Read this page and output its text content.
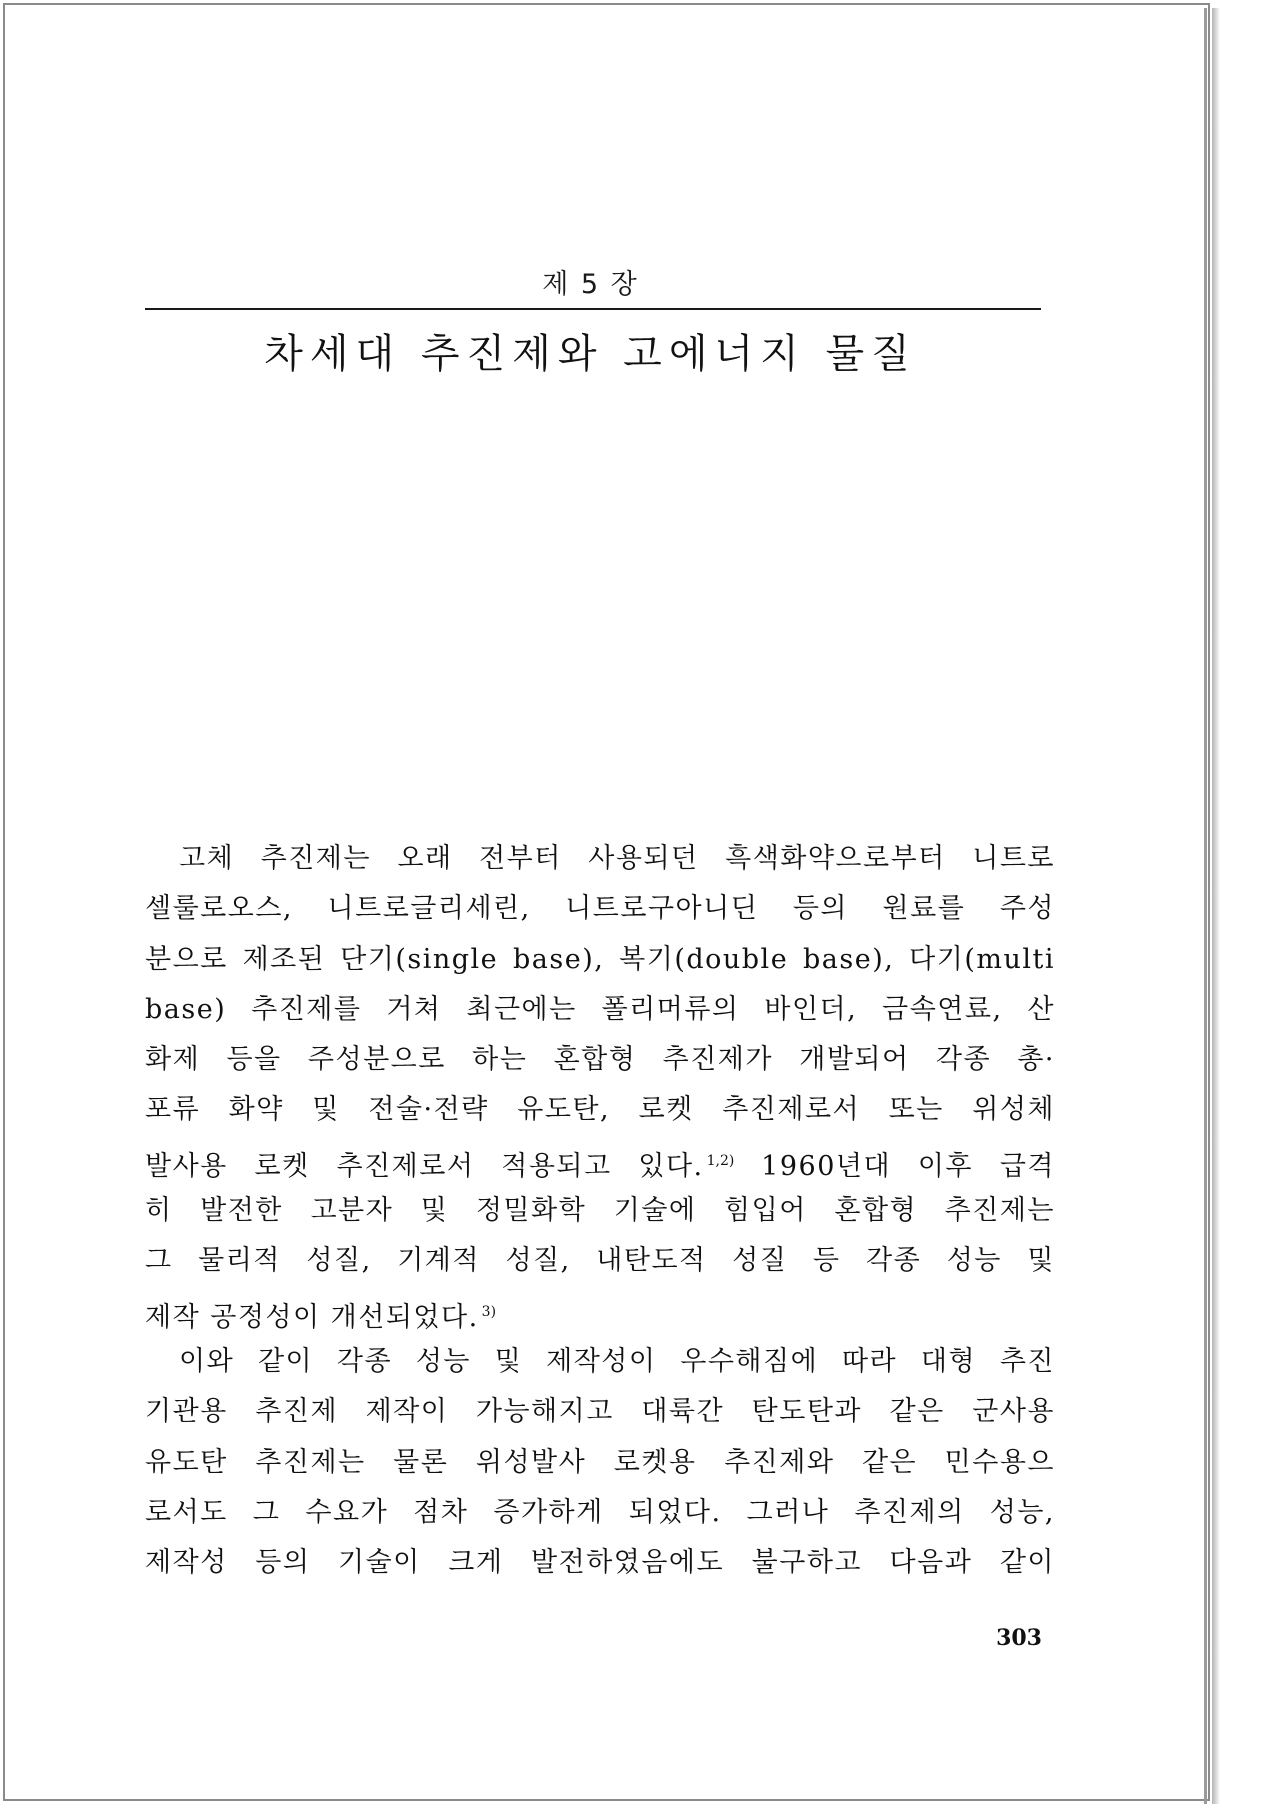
제 5 장
차세대 추진제와 고에너지 물질
고체 추진제는 오래 전부터 사용되던 흑색화약으로부터 니트로
셀룰로오스, 니트로글리세린, 니트로구아니딘 등의 원료를 주성
분으로 제조된 단기(single base), 복기(double base), 다기(multi
base) 추진제를 거쳐 최근에는 폴리머류의 바인더, 금속연료, 산
화제 등을 주성분으로 하는 혼합형 추진제가 개발되어 각종 총·
포류 화약 및 전술·전략 유도탄, 로켓 추진제로서 또는 위성체
발사용 로켓 추진제로서 적용되고 있다. $^{1,2)}$ 1960년대 이후 급격
히 발전한 고분자 및 정밀화학 기술에 힘입어 혼합형 추진제는
그 물리적 성질, 기계적 성질, 내탄도적 성질 등 각종 성능 및
제작 공정성이 개선되었다. $^{3)}$
이와 같이 각종 성능 및 제작성이 우수해짐에 따라 대형 추진
기관용 추진제 제작이 가능해지고 대륙간 탄도탄과 같은 군사용
유도탄 추진제는 물론 위성발사 로켓용 추진제와 같은 민수용으
로서도 그 수요가 점차 증가하게 되었다. 그러나 추진제의 성능,
제작성 등의 기술이 크게 발전하였음에도 불구하고 다음과 같이
303
